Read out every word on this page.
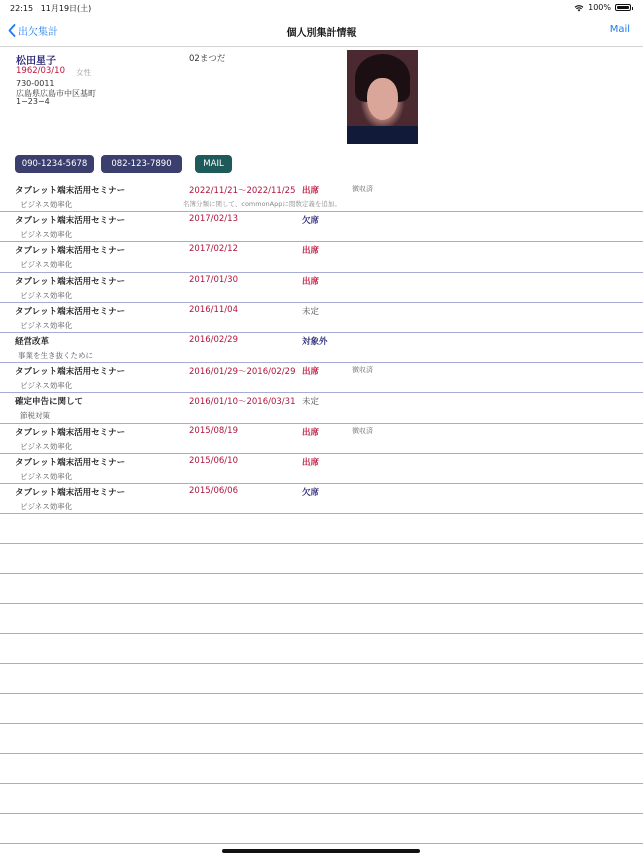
22:15 11月19日(土)	100%
出欠集計	個人別集計情報	Mail
松田星子
1962/03/10 女性
730-0011
広島県広島市中区基町
1−23−4
02まつだ
090-1234-5678	082-123-7890	MAIL
タブレット端末活用セミナー
ビジネス効率化
2022/11/21〜2022/11/25 出席	徴収済
名簿分類に関して、commonAppに閲数定義を追加。
タブレット端末活用セミナー
ビジネス効率化
2017/02/13	欠席
タブレット端末活用セミナー
ビジネス効率化
2017/02/12	出席
タブレット端末活用セミナー
ビジネス効率化
2017/01/30	出席
タブレット端末活用セミナー
ビジネス効率化
2016/11/04	未定
経営改革
事業を生き抜くために
2016/02/29	対象外
タブレット端末活用セミナー
ビジネス効率化
2016/01/29〜2016/02/29 出席	徴収済
確定申告に関して
節税対策
2016/01/10〜2016/03/31 未定
タブレット端末活用セミナー
ビジネス効率化
2015/08/19	出席	徴収済
タブレット端末活用セミナー
ビジネス効率化
2015/06/10	出席
タブレット端末活用セミナー
ビジネス効率化
2015/06/06	欠席
